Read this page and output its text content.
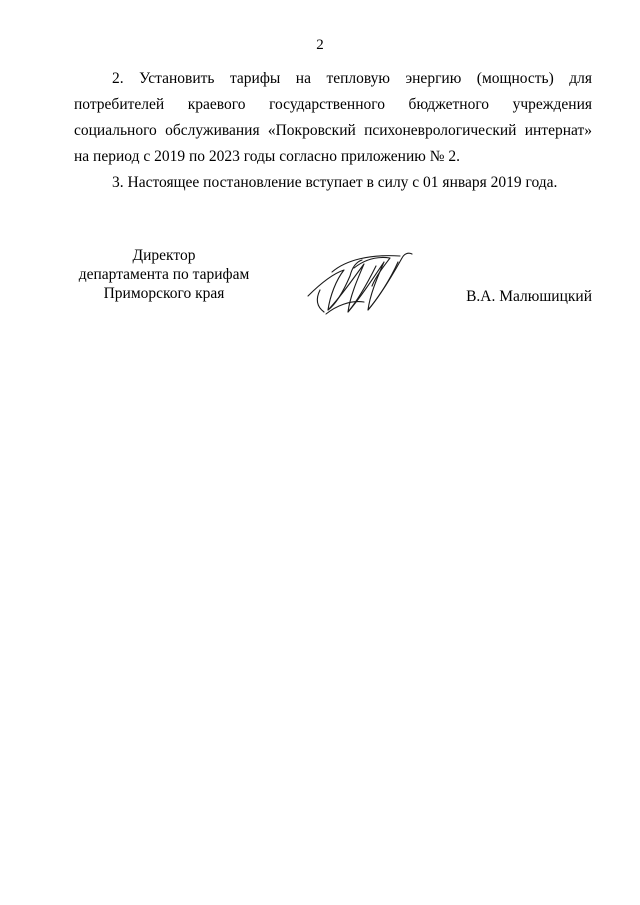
2
2. Установить тарифы на тепловую энергию (мощность) для
потребителей краевого государственного бюджетного учреждения социального обслуживания «Покровский психоневрологический интернат» на период с 2019 по 2023 годы согласно приложению № 2.

3. Настоящее постановление вступает в силу с 01 января 2019 года.

Директор
департамента по тарифам
Приморского края	В.А. Малюшицкий
